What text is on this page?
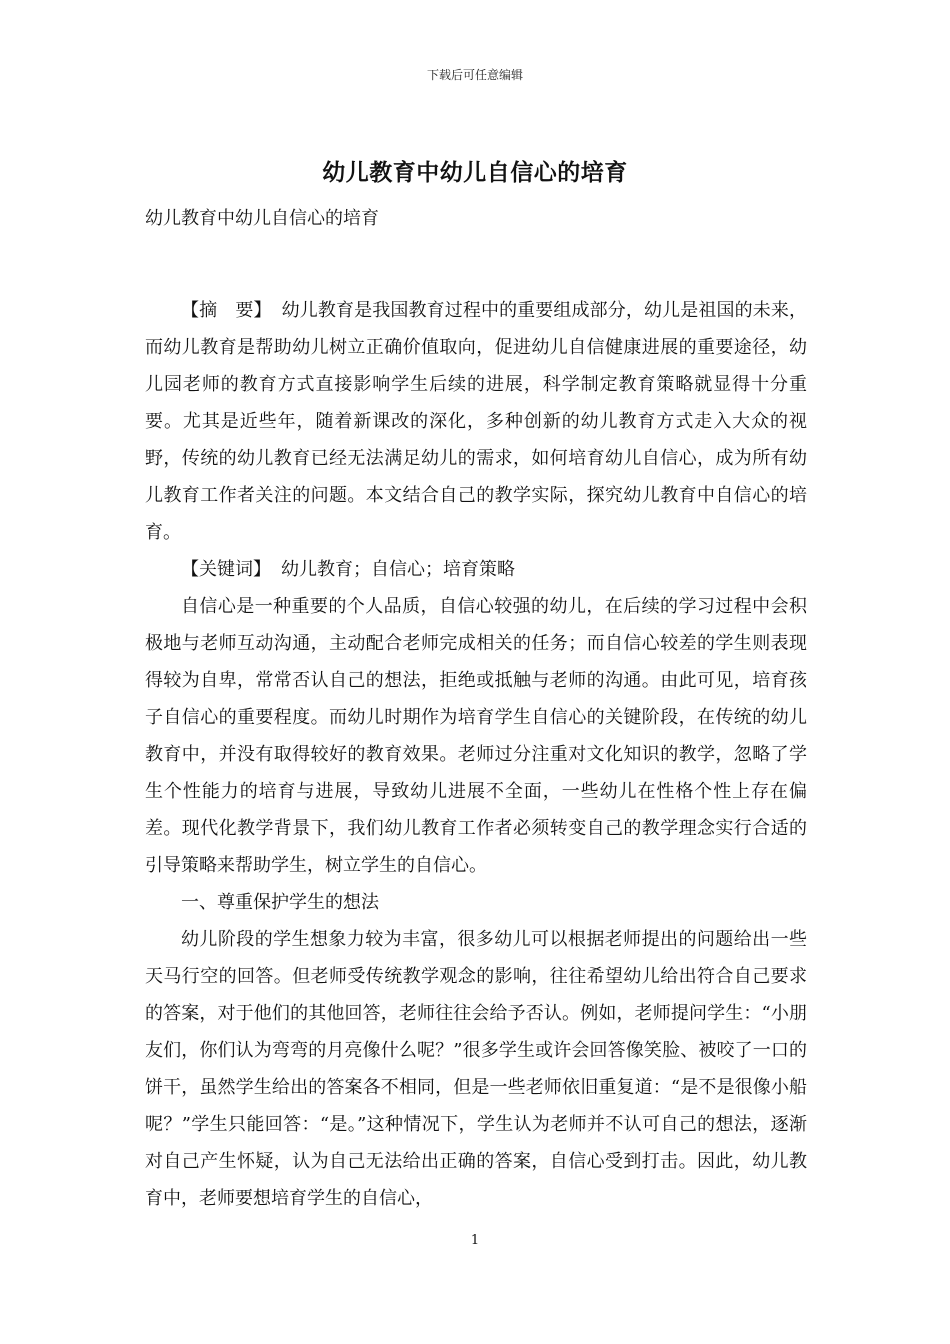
下载后可任意编辑
幼儿教育中幼儿自信心的培育

幼儿教育中幼儿自信心的培育

【摘　要】 幼儿教育是我国教育过程中的重要组成部分，幼儿是祖国的未来，而幼儿教育是帮助幼儿树立正确价值取向，促进幼儿自信健康进展的重要途径，幼儿园老师的教育方式直接影响学生后续的进展，科学制定教育策略就显得十分重要。尤其是近些年，随着新课改的深化，多种创新的幼儿教育方式走入大众的视野，传统的幼儿教育已经无法满足幼儿的需求，如何培育幼儿自信心，成为所有幼儿教育工作者关注的问题。本文结合自己的教学实际，探究幼儿教育中自信心的培育。

【关键词】 幼儿教育；自信心；培育策略

自信心是一种重要的个人品质，自信心较强的幼儿，在后续的学习过程中会积极地与老师互动沟通，主动配合老师完成相关的任务；而自信心较差的学生则表现得较为自卑，常常否认自己的想法，拒绝或抵触与老师的沟通。由此可见，培育孩子自信心的重要程度。而幼儿时期作为培育学生自信心的关键阶段，在传统的幼儿教育中，并没有取得较好的教育效果。老师过分注重对文化知识的教学，忽略了学生个性能力的培育与进展，导致幼儿进展不全面，一些幼儿在性格个性上存在偏差。现代化教学背景下，我们幼儿教育工作者必须转变自己的教学理念实行合适的引导策略来帮助学生，树立学生的自信心。

一、尊重保护学生的想法

幼儿阶段的学生想象力较为丰富，很多幼儿可以根据老师提出的问题给出一些天马行空的回答。但老师受传统教学观念的影响，往往希望幼儿给出符合自己要求的答案，对于他们的其他回答，老师往往会给予否认。例如，老师提问学生：“小朋友们，你们认为弯弯的月亮像什么呢？”很多学生或许会回答像笑脸、被咬了一口的饼干，虽然学生给出的答案各不相同，但是一些老师依旧重复道：“是不是很像小船呢？”学生只能回答：“是。”这种情况下，学生认为老师并不认可自己的想法，逐渐对自己产生怀疑，认为自己无法给出正确的答案，自信心受到打击。因此，幼儿教育中，老师要想培育学生的自信心，

1
